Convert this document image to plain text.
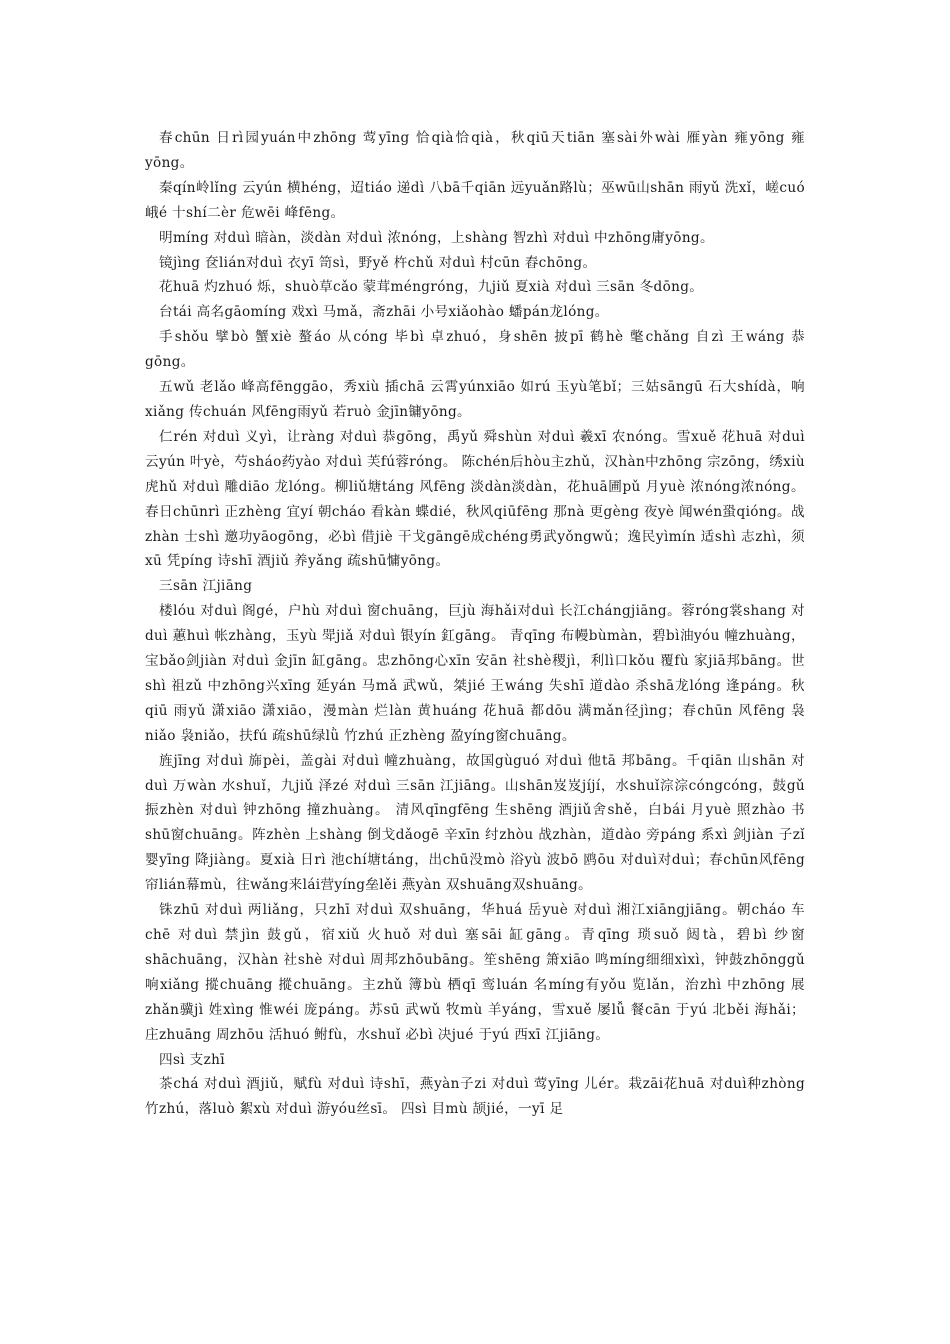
春chūn 日rì园yuán中zhōng 莺yīng 恰qià恰qià，秋qiū天tiān 塞sài外wài 雁yàn 雍yōng 雍yōng。

秦qín岭lǐng 云yún 横héng，迢tiáo 递dì 八bā千qiān 远yuǎn路lù；巫wū山shān 雨yǔ 洗xǐ，嵯cuó峨é 十shí二èr 危wēi 峰fēng。

明míng 对duì 暗àn，淡dàn 对duì 浓nóng，上shàng 智zhì 对duì 中zhōng庸yōng。

镜jìng 奁lián对duì 衣yī 笥sì，野yě 杵chǔ 对duì 村cūn 舂chōng。

花huā 灼zhuó 烁，shuò草cǎo 蒙茸méngróng，九jiǔ 夏xià 对duì 三sān 冬dōng。

台tái 高名gāomíng 戏xì 马mǎ，斋zhāi 小号xiǎohào 蟠pán龙lóng。

手shǒu 擘bò 蟹xiè 螯áo 从cóng 毕bì 卓zhuó，身shēn 披pī 鹤hè 氅chǎng 自zì 王wáng 恭gōng。

五wǔ 老lǎo 峰高fēnggāo，秀xiù 插chā 云霄yúnxiāo 如rú 玉yù笔bǐ；三姑sāngū 石大shídà，响xiǎng 传chuán 风fēng雨yǔ 若ruò 金jīn镛yōng。

仁rén 对duì 义yì，让ràng 对duì 恭gōng，禹yǔ 舜shùn 对duì 羲xī 农nóng。雪xuě 花huā 对duì 云yún 叶yè，芍sháo药yào 对duì 芙fú蓉róng。 陈chén后hòu主zhǔ，汉hàn中zhōng 宗zōng，绣xiù 虎hǔ 对duì 雕diāo 龙lóng。柳liǔ塘táng 风fēng 淡dàn淡dàn，花huā圃pǔ 月yuè 浓nóng浓nóng。 春日chūnrì 正zhèng 宜yí 朝cháo 看kàn 蝶dié，秋风qiūfēng 那nà 更gèng 夜yè 闻wén蛩qióng。战zhàn 士shì 邀功yāogōng，必bì 借jiè 干戈gāngē成chéng勇武yǒngwǔ；逸民yìmín 适shì 志zhì，须xū 凭píng 诗shī 酒jiǔ 养yǎng 疏shū慵yōng。

三sān 江jiāng

楼lóu 对duì 阁gé，户hù 对duì 窗chuāng，巨jù 海hǎi对duì 长江chángjiāng。蓉róng裳shang 对duì 蕙huì 帐zhàng，玉yù 斝jiǎ 对duì 银yín 釭gāng。 青qīng 布幔bùmàn，碧bì油yóu 幢zhuàng，宝bǎo剑jiàn 对duì 金jīn 缸gāng。忠zhōng心xīn 安ān 社shè稷jì，利lì口kǒu 覆fù 家jiā邦bāng。世shì 祖zǔ 中zhōng兴xīng 延yán 马mǎ 武wǔ，桀jié 王wáng 失shī 道dào 杀shā龙lóng 逢páng。秋qiū 雨yǔ 潇xiāo 潇xiāo，漫màn 烂làn 黄huáng 花huā 都dōu 满mǎn径jìng；春chūn 风fēng 袅niǎo 袅niǎo，扶fú 疏shū绿lǜ 竹zhú 正zhèng 盈yíng窗chuāng。

旌jīng 对duì 旆pèi，盖gài 对duì 幢zhuàng，故国gùguó 对duì 他tā 邦bāng。千qiān 山shān 对duì 万wàn 水shuǐ，九jiǔ 泽zé 对duì 三sān 江jiāng。山shān岌岌jíjí，水shuǐ淙淙cóngcóng，鼓gǔ 振zhèn 对duì 钟zhōng 撞zhuàng。 清风qīngfēng 生shēng 酒jiǔ舍shě，白bái 月yuè 照zhào 书shū窗chuāng。阵zhèn 上shàng 倒戈dǎogē 辛xīn 纣zhòu 战zhàn，道dào 旁páng 系xì 剑jiàn 子zǐ 婴yīng 降jiàng。夏xià 日rì 池chí塘táng，出chū没mò 浴yù 波bō 鸥ōu 对duì对duì；春chūn风fēng 帘lián幕mù，往wǎng来lái营yíng垒lěi 燕yàn 双shuāng双shuāng。

铢zhū 对duì 两liǎng，只zhī 对duì 双shuāng，华huá 岳yuè 对duì 湘江xiāngjiāng。朝cháo 车chē 对duì 禁jìn 鼓gǔ，宿xiǔ 火huǒ 对duì 塞sāi 缸gāng。青qīng 琐suǒ 闼tà，碧bì 纱窗shāchuāng，汉hàn 社shè 对duì 周邦zhōubāng。笙shēng 箫xiāo 鸣míng细细xìxì，钟鼓zhōnggǔ 响xiǎng 摐chuāng 摐chuāng。主zhǔ 簿bù 栖qī 鸾luán 名míng有yǒu 览lǎn，治zhì 中zhōng 展zhǎn骥jì 姓xìng 惟wéi 庞páng。苏sū 武wǔ 牧mù 羊yáng，雪xuě 屡lǚ 餐cān 于yú 北běi 海hǎi； 庄zhuāng 周zhōu 活huó 鲋fù，水shuǐ 必bì 决jué 于yú 西xī 江jiāng。

四sì 支zhī

茶chá 对duì 酒jiǔ，赋fù 对duì 诗shī，燕yàn子zi 对duì 莺yīng 儿ér。栽zāi花huā 对duì种zhòng 竹zhú，落luò 絮xù 对duì 游yóu丝sī。 四sì 目mù 颉jié，一yī 足
